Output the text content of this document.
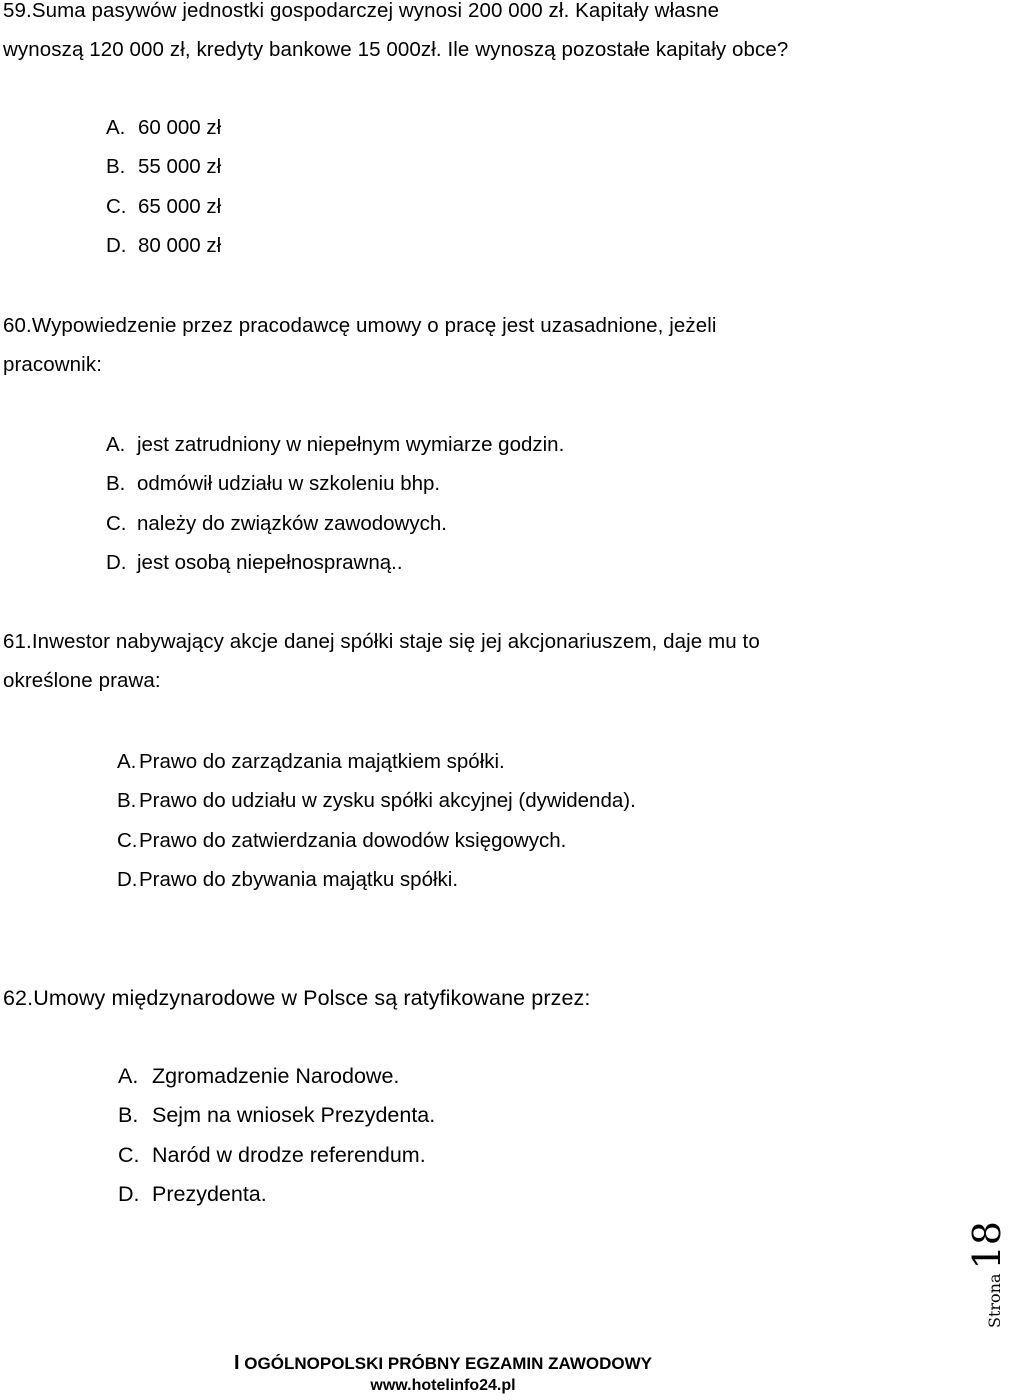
59.Suma pasywów jednostki gospodarczej wynosi 200 000 zł. Kapitały własne
wynoszą 120 000 zł, kredyty bankowe 15 000zł. Ile wynoszą pozostałe kapitały obce?
A. 60 000 zł
B. 55 000 zł
C. 65 000 zł
D. 80 000 zł
60.Wypowiedzenie przez pracodawcę umowy o pracę jest uzasadnione, jeżeli
pracownik:
A. jest zatrudniony w niepełnym wymiarze godzin.
B. odmówił udziału w szkoleniu bhp.
C. należy do związków zawodowych.
D. jest osobą niepełnosprawną..
61.Inwestor nabywający akcje danej spółki staje się jej akcjonariuszem, daje mu to
określone prawa:
A. Prawo do zarządzania majątkiem spółki.
B. Prawo do udziału w zysku spółki akcyjnej (dywidenda).
C.Prawo do zatwierdzania dowodów księgowych.
D.Prawo do zbywania majątku spółki.
62.Umowy międzynarodowe w Polsce są ratyfikowane przez:
A. Zgromadzenie Narodowe.
B. Sejm na wniosek Prezydenta.
C. Naród w drodze referendum.
D. Prezydenta.
Strona18
I OGÓLNOPOLSKI PRÓBNY EGZAMIN ZAWODOWY
www.hotelinfo24.pl
